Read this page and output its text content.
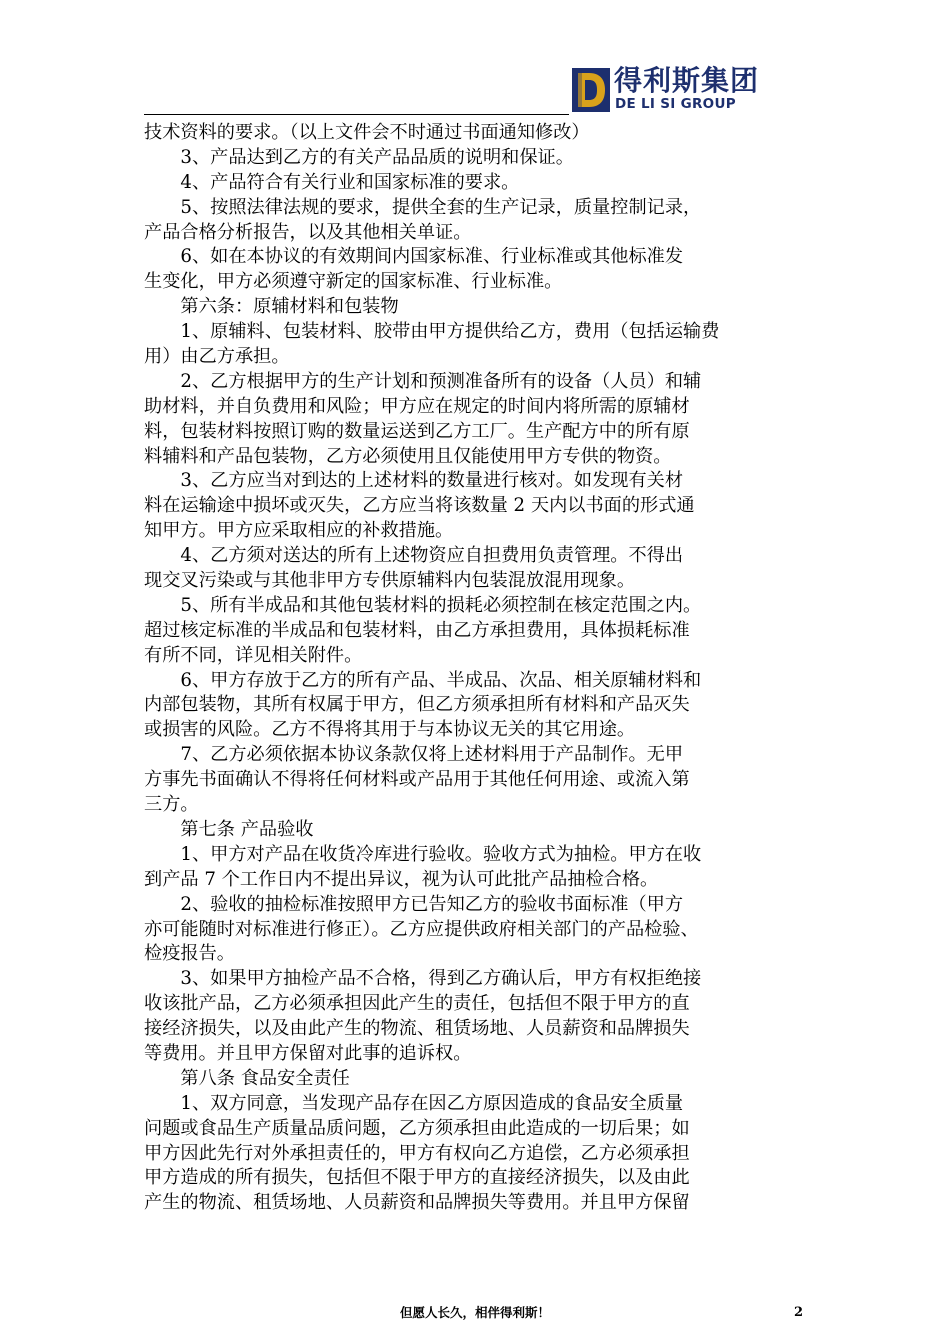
得利斯集团
DE LI SI GROUP
技术资料的要求。（以上文件会不时通过书面通知修改）
　　3、产品达到乙方的有关产品品质的说明和保证。
　　4、产品符合有关行业和国家标准的要求。
　　5、按照法律法规的要求，提供全套的生产记录，质量控制记录，
产品合格分析报告，以及其他相关单证。
　　6、如在本协议的有效期间内国家标准、行业标准或其他标准发
生变化，甲方必须遵守新定的国家标准、行业标准。
　　第六条：原辅材料和包装物
　　1、原辅料、包装材料、胶带由甲方提供给乙方，费用（包括运输费
用）由乙方承担。
　　2、乙方根据甲方的生产计划和预测准备所有的设备（人员）和辅
助材料，并自负费用和风险；甲方应在规定的时间内将所需的原辅材
料，包装材料按照订购的数量运送到乙方工厂。生产配方中的所有原
料辅料和产品包装物，乙方必须使用且仅能使用甲方专供的物资。
　　3、乙方应当对到达的上述材料的数量进行核对。如发现有关材
料在运输途中损坏或灭失，乙方应当将该数量 2 天内以书面的形式通
知甲方。甲方应采取相应的补救措施。
　　4、乙方须对送达的所有上述物资应自担费用负责管理。不得出
现交叉污染或与其他非甲方专供原辅料内包装混放混用现象。
　　5、所有半成品和其他包装材料的损耗必须控制在核定范围之内。
超过核定标准的半成品和包装材料，由乙方承担费用，具体损耗标准
有所不同，详见相关附件。
　　6、甲方存放于乙方的所有产品、半成品、次品、相关原辅材料和
内部包装物，其所有权属于甲方，但乙方须承担所有材料和产品灭失
或损害的风险。乙方不得将其用于与本协议无关的其它用途。
　　7、乙方必须依据本协议条款仅将上述材料用于产品制作。无甲
方事先书面确认不得将任何材料或产品用于其他任何用途、或流入第
三方。
　　第七条 产品验收
　　1、甲方对产品在收货冷库进行验收。验收方式为抽检。甲方在收
到产品 7 个工作日内不提出异议，视为认可此批产品抽检合格。
　　2、验收的抽检标准按照甲方已告知乙方的验收书面标准（甲方
亦可能随时对标准进行修正）。乙方应提供政府相关部门的产品检验、
检疫报告。
　　3、如果甲方抽检产品不合格，得到乙方确认后，甲方有权拒绝接
收该批产品，乙方必须承担因此产生的责任，包括但不限于甲方的直
接经济损失，以及由此产生的物流、租赁场地、人员薪资和品牌损失
等费用。并且甲方保留对此事的追诉权。
　　第八条 食品安全责任
　　1、双方同意，当发现产品存在因乙方原因造成的食品安全质量
问题或食品生产质量品质问题，乙方须承担由此造成的一切后果；如
甲方因此先行对外承担责任的，甲方有权向乙方追偿，乙方必须承担
甲方造成的所有损失，包括但不限于甲方的直接经济损失，以及由此
产生的物流、租赁场地、人员薪资和品牌损失等费用。并且甲方保留
但愿人长久，相伴得利斯！	2
